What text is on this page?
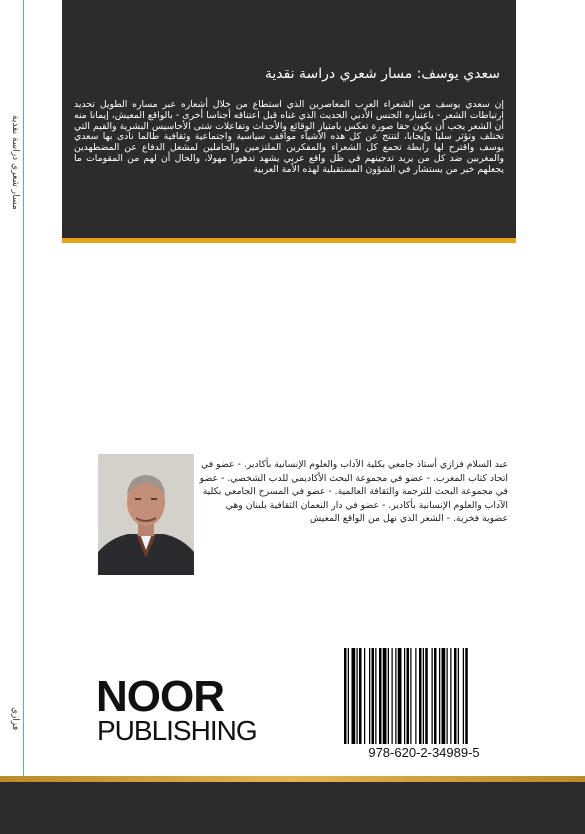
مسار شعري دراسة نقدية
فزازي
سعدي يوسف: مسار شعري دراسة نقدية
إن سعدي يوسف من الشعراء العرب المعاصرين الذي استطاع من خلال أشعاره عبر مساره الطويل تحديد ارتباطات الشعر - باعتباره الجنس الأدبي الحديث الذي غناه قبل اعتناقه أجناسا أخرى - بالواقع المعيش، إيمانا منه أن الشعر يجب أن يكون حقا صورة تعكس بامتياز الوقائع والأحداث وتفاعلات شتى الأحاسيس البشرية والقيم التي تختلف وتؤثر سلبا وإيجابا، لتنتج عن كل هذه الأشياء مواقف سياسية واجتماعية وثقافية طالما نادى بها سعدي يوسف واقترح لها رابطة تجمع كل الشعراء والمفكرين الملتزمين والحاملين لمشعل الدفاع عن المضطهدين والمغربين ضد كل من يريد تدجينهم في ظل واقع عربي يشهد تدهورا مهولا، والحال أن لهم من المقومات ما يجعلهم خير من يستشار في الشؤون المستقبلية لهذه الأمة العربية
عبد السلام فزازي أستاذ جامعي بكلية الآداب والعلوم الإنسانية بأكادير. - عضو في اتحاد كتاب المغرب. - عضو في مجموعة البحث الأكاديمي للدب الشخصي. - عضو في مجموعة البحث للترجمة والثقافة العالمية. - عضو في المسرح الجامعي بكلية الآداب والعلوم الإنسانية بأكادير. - عضو في دار النعمان الثقافية بلبنان وهي عضوية فخرية. - الشعر الذي نهل من الواقع المعيش
NOOR
PUBLISHING
978-620-2-34989-5
